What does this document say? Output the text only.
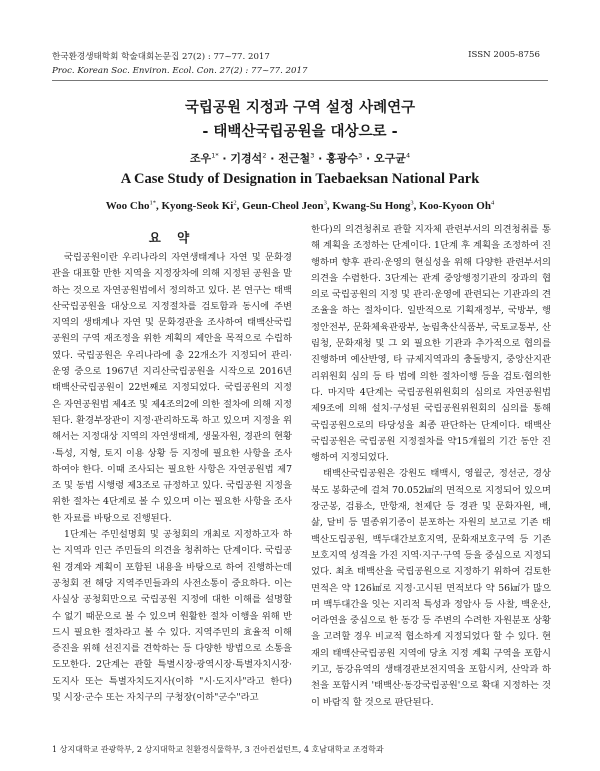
한국환경생태학회 학술대회논문집 27(2) : 77~77. 2017
Proc. Korean Soc. Environ. Ecol. Con. 27(2) : 77~77. 2017
ISSN 2005-8756
국립공원 지정과 구역 설정 사례연구
- 태백산국립공원을 대상으로 -
조우$^{1*}$ · 기경석$^2$ · 전근철$^3$ · 홍광수$^3$ · 오구균$^4$
A Case Study of Designation in Taebaeksan National Park
Woo Cho$^{1*}$, Kyong-Seok Ki$^2$, Geun-Cheol Jeon$^3$, Kwang-Su Hong$^3$, Koo-Kyoon Oh$^4$
요 약

국립공원이란 우리나라의 자연생태계나 자연 및 문화경관을 대표할 만한 지역을 지정장차에 의해 지정된 공원을 말하는 것으로 자연공원법에서 정의하고 있다. 본 연구는 태백산국립공원을 대상으로 지정절차를 검토함과 동시에 주변 지역의 생태계나 자연 및 문화경관을 조사하여 태백산국립공원의 구역 재조정을 위한 계획의 제안을 목적으로 수립하였다. 국립공원은 우리나라에 총 22개소가 지정되어 관리·운영 중으로 1967년 지리산국립공원을 시작으로 2016년 태백산국립공원이 22번째로 지정되었다. 국립공원의 지정은 자연공원법 제4조 및 제4조의2에 의한 절차에 의해 지정된다. 환경부장관이 지정·관리하도록 하고 있으며 지정을 위해서는 지정대상 지역의 자연생태계, 생물자원, 경관의 현황·특성, 지형, 토지 이용 상황 등 지정에 필요한 사항을 조사하여야 한다. 이때 조사되는 필요한 사항은 자연공원법 제7조 및 동법 시행령 제3조로 규정하고 있다. 국립공원 지정을 위한 절차는 4단계로 볼 수 있으며 이는 필요한 사항을 조사한 자료를 바탕으로 진행된다.

1단계는 주민설명회 및 공청회의 개최로 지정하고자 하는 지역과 인근 주민들의 의견을 청취하는 단계이다. 국립공원 경계와 계획이 포함된 내용을 바탕으로 하여 진행하는데 공청회 전 해당 지역주민들과의 사전소통이 중요하다. 이는 사실상 공청회만으로 국립공원 지정에 대한 이해를 설명할 수 없기 때문으로 볼 수 있으며 원활한 절차 이행을 위해 반드시 필요한 절차라고 볼 수 있다. 지역주민의 효율적 이해증진을 위해 선진지를 견학하는 등 다양한 방법으로 소통을 도모한다. 2단계는 관할 특별시장·광역시장·특별자치시장·도지사 또는 특별자치도지사(이하 "시·도지사"라고 한다) 및 시장·군수 또는 자치구의 구청장(이하"군수"라고

한다)의 의견청취로 관할 지자체 관련부서의 의견청취를 통해 계획을 조정하는 단계이다. 1단계 후 계획을 조정하여 진행하며 향후 관리·운영의 현실성을 위해 다양한 관련부서의 의견을 수렴한다. 3단계는 관계 중앙행정기관의 장과의 협의로 국립공원의 지정 및 관리·운영에 관련되는 기관과의 견조율을 하는 절차이다. 일반적으로 기획재정부, 국방부, 행정안전부, 문화체육관광부, 농림축산식품부, 국토교통부, 산림청, 문화재청 및 그 외 필요한 기관과 추가적으로 협의를 진행하며 예산반영, 타 규제지역과의 충돌방지, 중앙산지관리위원회 심의 등 타 법에 의한 절차이행 등을 검토·협의한다. 마지막 4단계는 국립공원위원회의 심의로 자연공원법 제9조에 의해 설치·구성된 국립공원위원회의 심의를 통해 국립공원으로의 타당성을 최종 판단하는 단계이다. 태백산국립공원은 국립공원 지정절차를 약15개월의 기간 동안 진행하여 지정되었다.

태백산국립공원은 강원도 태백시, 영월군, 정선군, 경상북도 봉화군에 걸쳐 70.052㎢의 면적으로 지정되어 있으며 장군봉, 검룡소, 만항재, 천제단 등 경관 및 문화자원, 배, 삶, 달비 등 멸종위기종이 분포하는 자원의 보고로 기존 태백산도립공원, 백두대간보호지역, 문화재보호구역 등 기존 보호지역 성격을 가진 지역·지구·구역 등을 중심으로 지정되었다. 최초 태백산을 국립공원으로 지정하기 위하여 검토한 면적은 약 126㎢로 지정·고시된 면적보다 약 56㎢가 많으며 백두대간을 잇는 지리적 특성과 정암사 등 사찰, 백운산, 어라연을 중심으로 한 동강 등 주변의 수려한 자원분포 상황을 고려할 경우 비교적 협소하게 지정되었다 할 수 있다. 현재의 태백산국립공원 지역에 당초 지정 계획 구역을 포함시키고, 동강유역의 생태경관보전지역을 포함시켜, 산악과 하천을 포함시켜 '태백산·동강국립공원'으로 확대 지정하는 것이 바람직 할 것으로 판단된다.

1 상지대학교 관광학부, 2 상지대학교 친환경식물학부, 3 건아컨설턴트, 4 호남대학교 조경학과
